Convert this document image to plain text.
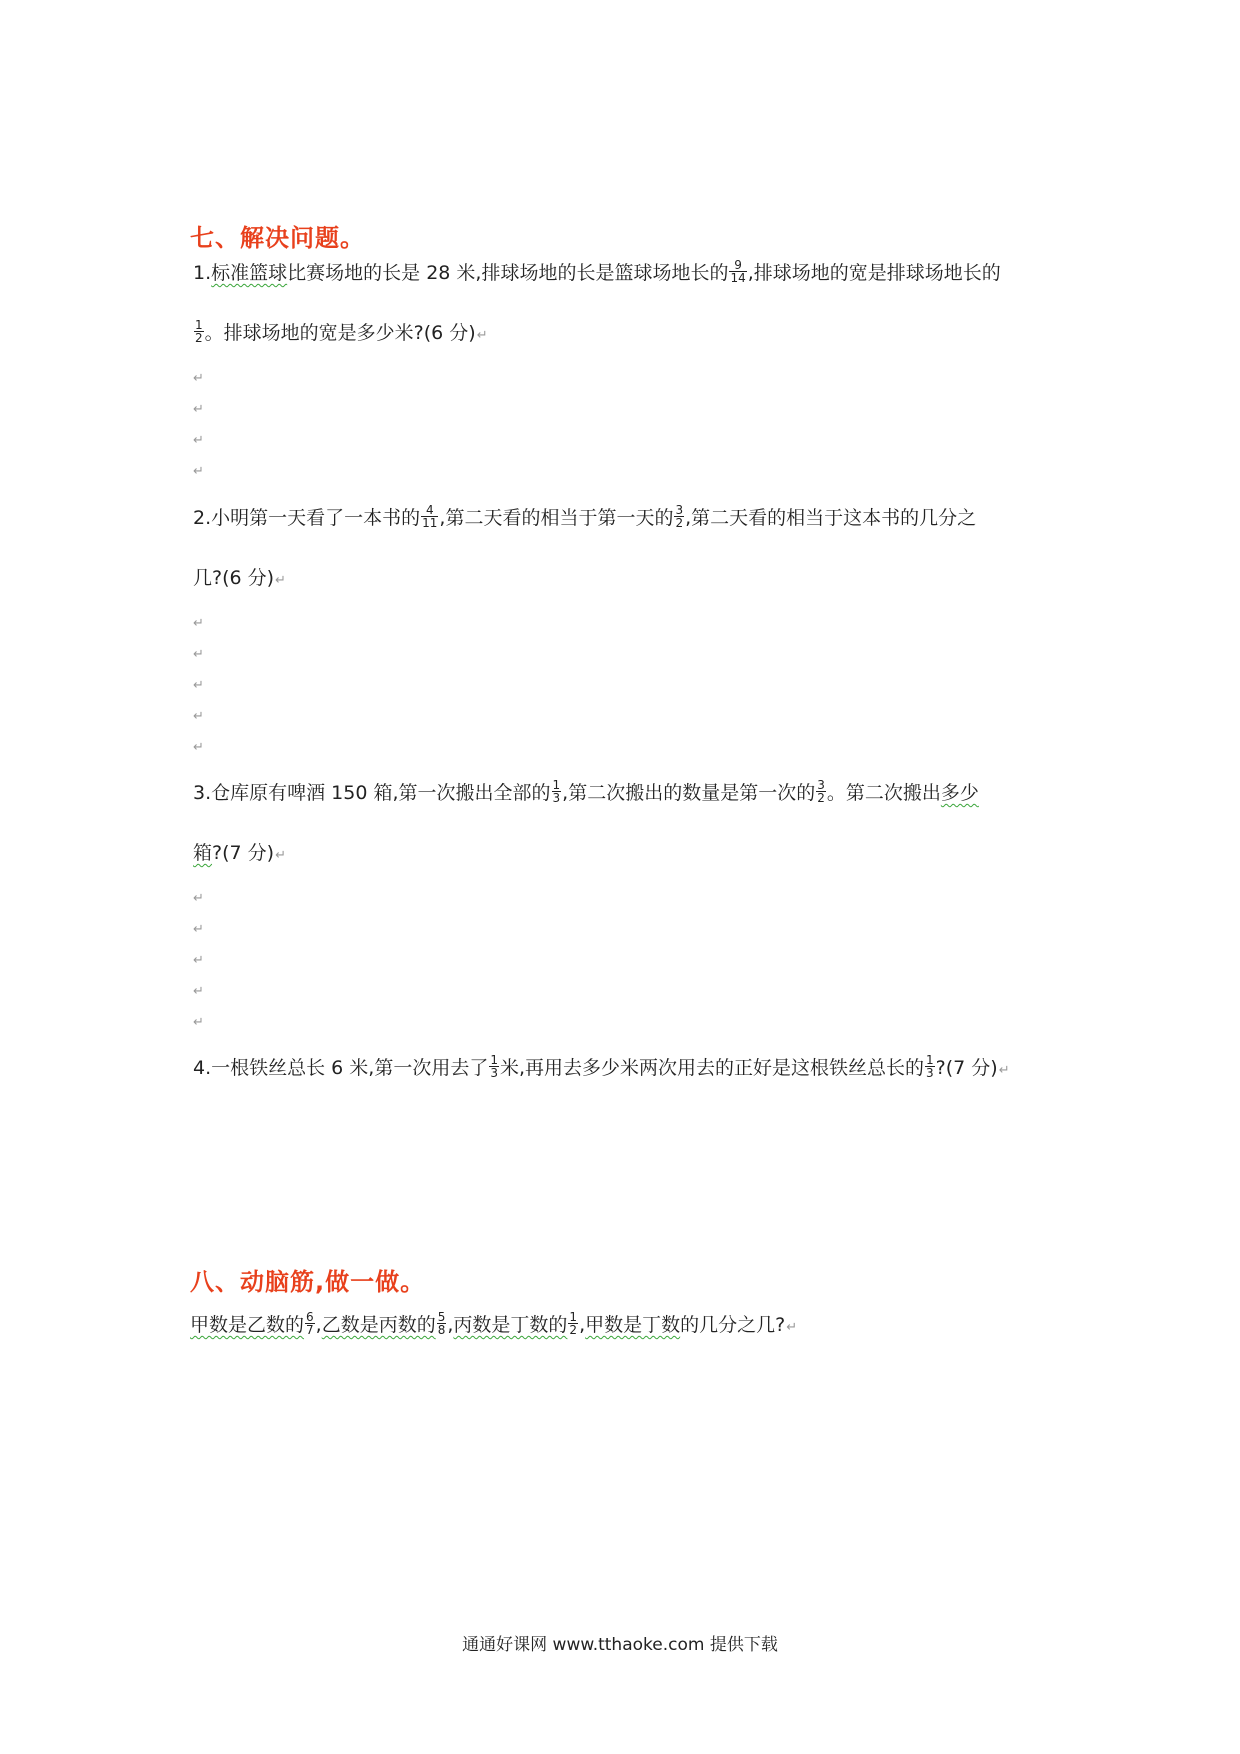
七、解决问题。
1.标准篮球比赛场地的长是 28 米,排球场地的长是篮球场地长的 $\frac{9}{14}$ ,排球场地的宽是排球场地长的
$\frac{1}{2}$ 。排球场地的宽是多少米?(6 分)↵
↵
↵
↵
↵
2.小明第一天看了一本书的 $\frac{4}{11}$ ,第二天看的相当于第一天的 $\frac{3}{2}$ ,第二天看的相当于这本书的几分之
几?(6 分)↵
↵
↵
↵
↵
↵
3.仓库原有啤酒 150 箱,第一次搬出全部的 $\frac{1}{3}$ ,第二次搬出的数量是第一次的 $\frac{3}{2}$ 。第二次搬出多少
箱?(7 分)↵
↵
↵
↵
↵
↵
4.一根铁丝总长 6 米,第一次用去了 $\frac{1}{3}$ 米,再用去多少米两次用去的正好是这根铁丝总长的 $\frac{1}{3}$ ?(7 分)↵
八、动脑筋,做一做。
甲数是乙数的 $\frac{6}{7}$ ,乙数是丙数的 $\frac{5}{8}$ ,丙数是丁数的 $\frac{1}{2}$ ,甲数是丁数的几分之几?↵
通通好课网 www.tthaoke.com 提供下载
